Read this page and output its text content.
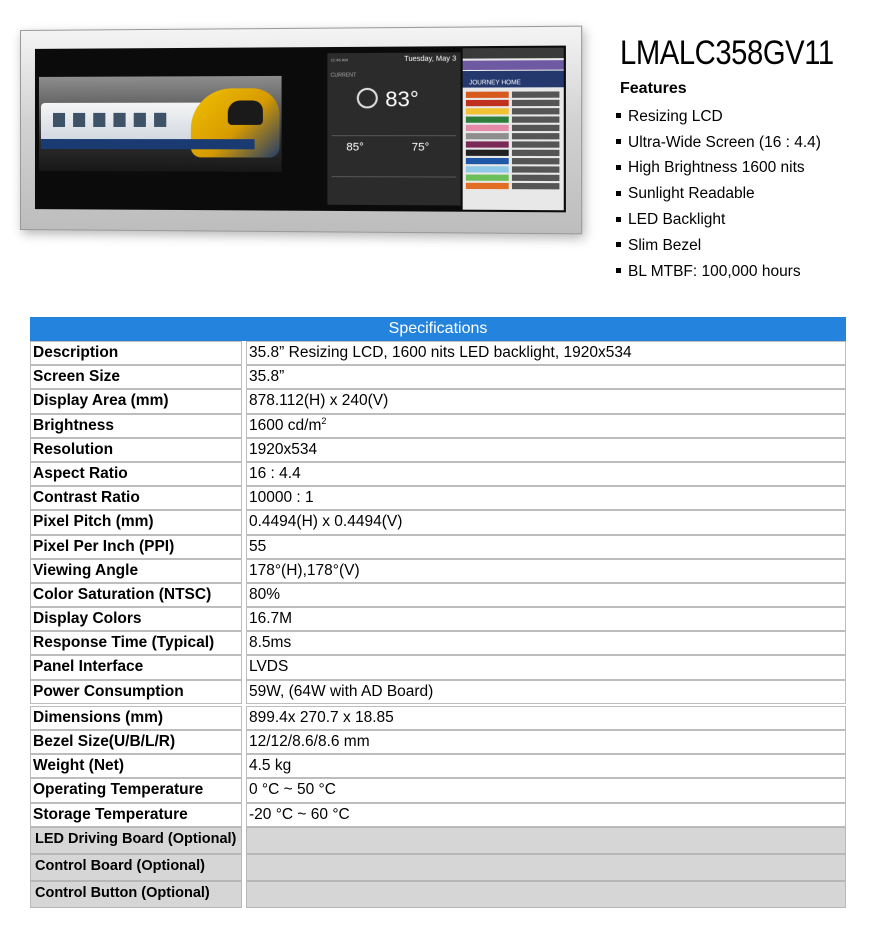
11:46 AM	Tuesday, May 3
CURRENT
83°
85°	75°
JOURNEY HOME
LMALC358GV11
Features
Resizing LCD
Ultra-Wide Screen (16 : 4.4)
High Brightness 1600 nits
Sunlight Readable
LED Backlight
Slim Bezel
BL MTBF: 100,000 hours
Specifications
Description	35.8” Resizing LCD, 1600 nits LED backlight, 1920x534
Screen Size	35.8”
Display Area (mm)	878.112(H) x 240(V)
Brightness	1600 $cd/m^2$
Resolution	1920x534
Aspect Ratio	16 : 4.4
Contrast Ratio	10000 : 1
Pixel Pitch (mm)	0.4494(H) x 0.4494(V)
Pixel Per Inch (PPI)	55
Viewing Angle	178°(H),178°(V)
Color Saturation (NTSC)	80%
Display Colors	16.7M
Response Time (Typical)	8.5ms
Panel Interface	LVDS
Power Consumption	59W, (64W with AD Board)
Dimensions (mm)	899.4x 270.7 x 18.85
Bezel Size(U/B/L/R)	12/12/8.6/8.6 mm
Weight (Net)	4.5 kg
Operating Temperature	0 °C ~ 50 °C
Storage Temperature	-20 °C ~ 60 °C
LED Driving Board (Optional)
Control Board (Optional)
Control Button (Optional)
